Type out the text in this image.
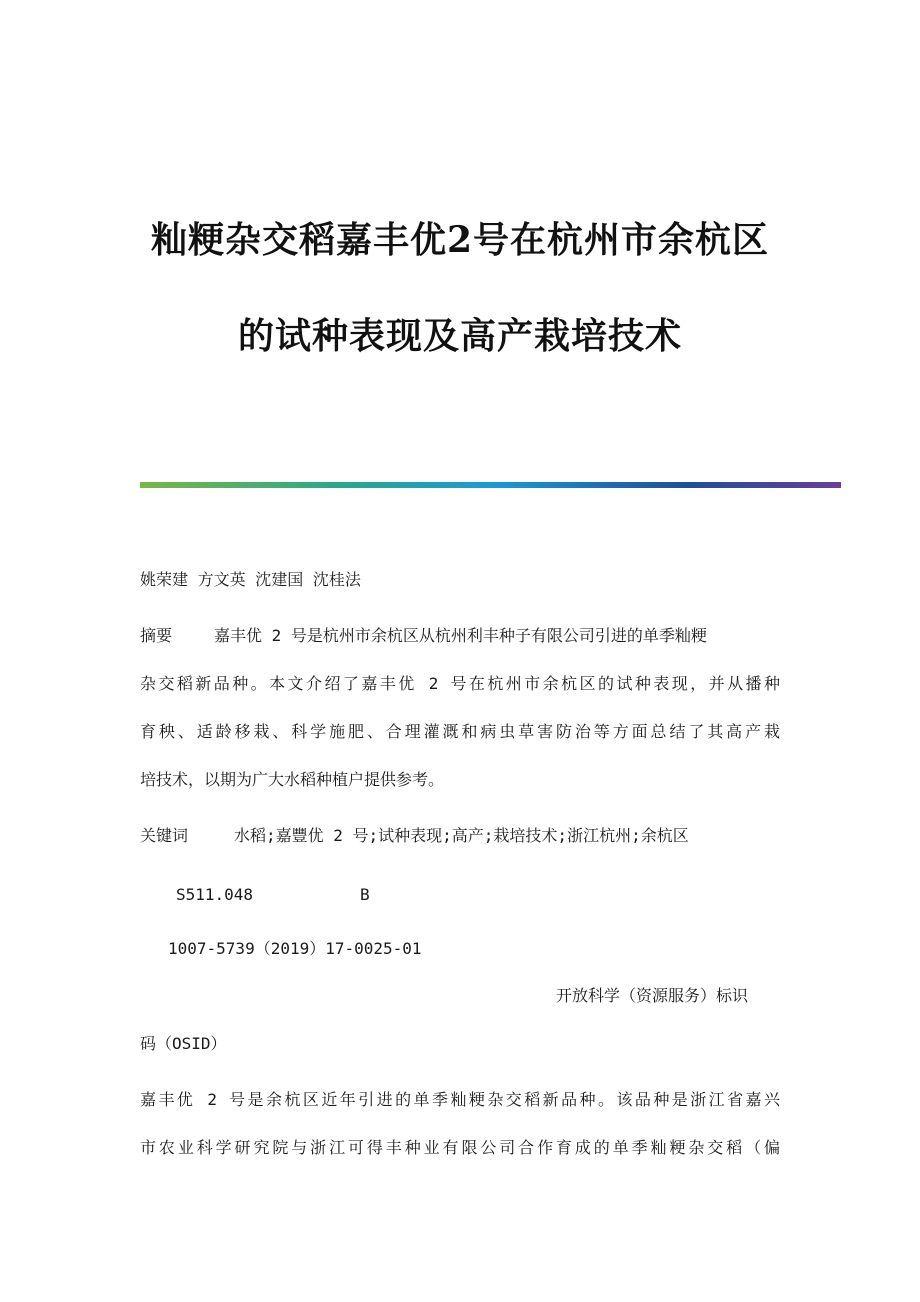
籼粳杂交稻嘉丰优2号在杭州市余杭区
的试种表现及高产栽培技术
姚荣建 方文英 沈建国 沈桂法
摘要	嘉丰优 2 号是杭州市余杭区从杭州利丰种子有限公司引进的单季籼粳
杂交稻新品种。本文介绍了嘉丰优 2 号在杭州市余杭区的试种表现，并从播种
育秧、适龄移栽、科学施肥、合理灌溉和病虫草害防治等方面总结了其高产栽
培技术，以期为广大水稻种植户提供参考。
关键词	水稻;嘉豐优 2 号;试种表现;高产;栽培技术;浙江杭州;余杭区
S511.048	B
1007-5739（2019）17-0025-01
开放科学（资源服务）标识
码（OSID）
嘉丰优 2 号是余杭区近年引进的单季籼粳杂交稻新品种。该品种是浙江省嘉兴
市农业科学研究院与浙江可得丰种业有限公司合作育成的单季籼粳杂交稻（偏
